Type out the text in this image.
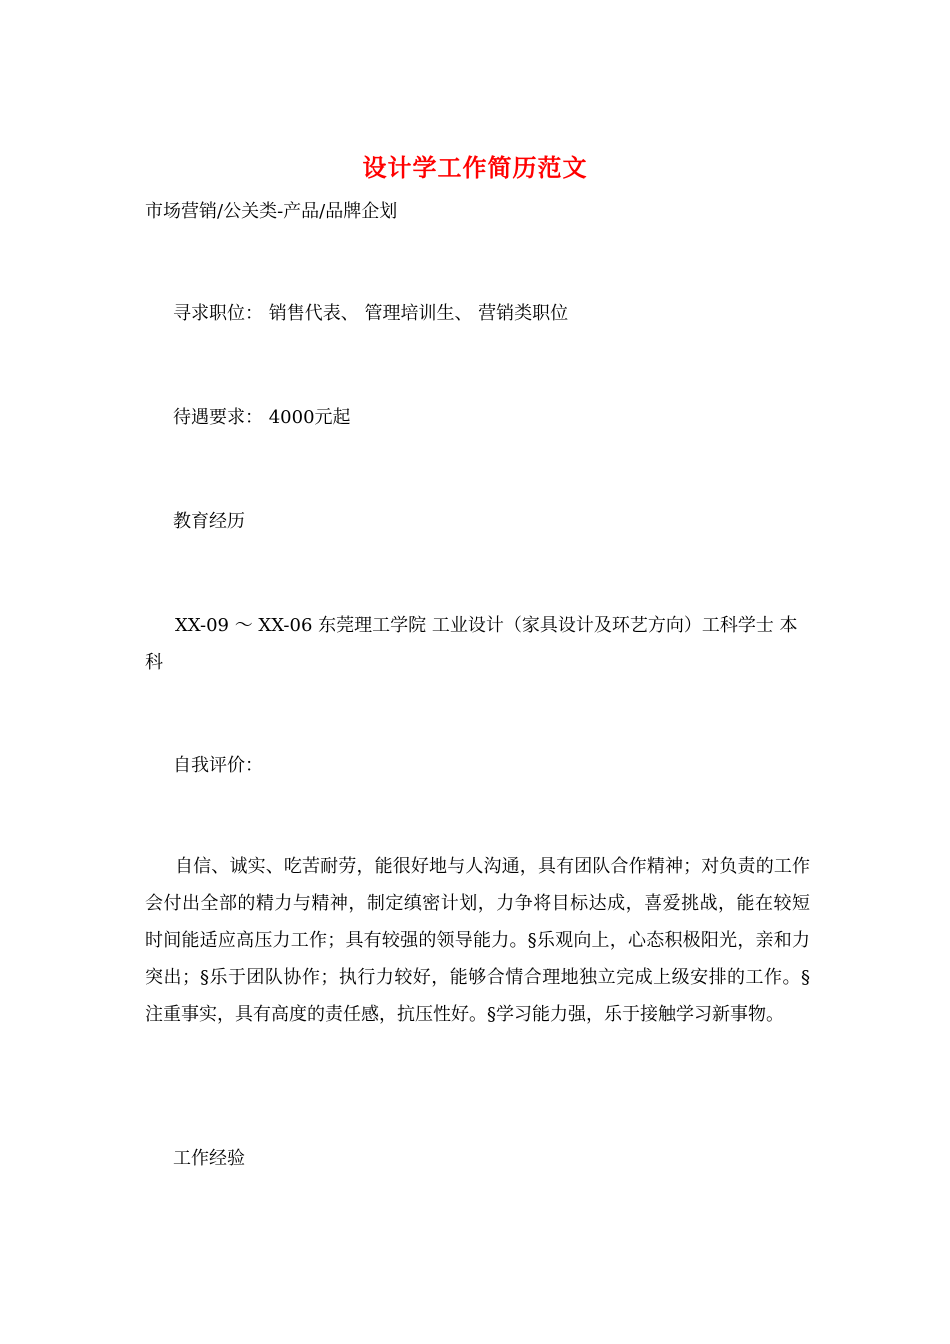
设计学工作简历范文
市场营销/公关类-产品/品牌企划
寻求职位： 销售代表、 管理培训生、 营销类职位
待遇要求： 4000元起
教育经历
XX-09 ～ XX-06 东莞理工学院 工业设计（家具设计及环艺方向）工科学士 本科
自我评价：
自信、诚实、吃苦耐劳，能很好地与人沟通，具有团队合作精神；对负责的工作会付出全部的精力与精神，制定缜密计划，力争将目标达成，喜爱挑战，能在较短时间能适应高压力工作；具有较强的领导能力。§乐观向上，心态积极阳光，亲和力突出；§乐于团队协作；执行力较好，能够合情合理地独立完成上级安排的工作。§注重事实，具有高度的责任感，抗压性好。§学习能力强，乐于接触学习新事物。
工作经验
